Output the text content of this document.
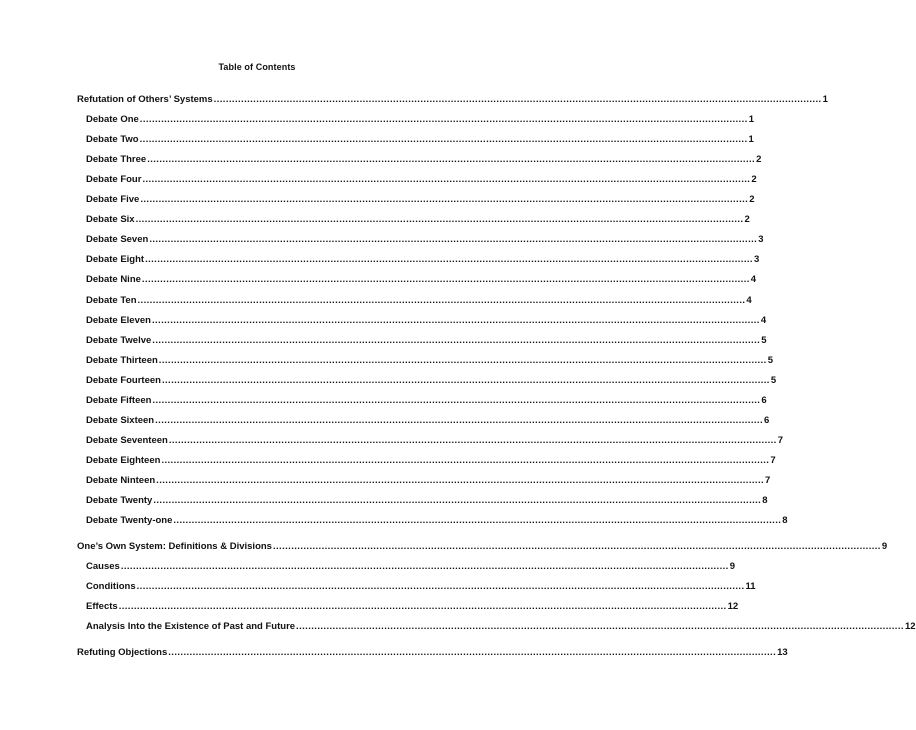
Table of Contents
Refutation of Others’ Systems ........................................................................................................................................................................................................ 1
Debate One ........................................................................................................................................................................................................ 1
Debate Two ........................................................................................................................................................................................................ 1
Debate Three ........................................................................................................................................................................................................ 2
Debate Four ........................................................................................................................................................................................................ 2
Debate Five ........................................................................................................................................................................................................ 2
Debate Six ........................................................................................................................................................................................................ 2
Debate Seven ........................................................................................................................................................................................................ 3
Debate Eight ........................................................................................................................................................................................................ 3
Debate Nine ........................................................................................................................................................................................................ 4
Debate Ten ........................................................................................................................................................................................................ 4
Debate Eleven ........................................................................................................................................................................................................ 4
Debate Twelve ........................................................................................................................................................................................................ 5
Debate Thirteen ........................................................................................................................................................................................................ 5
Debate Fourteen ........................................................................................................................................................................................................ 5
Debate Fifteen ........................................................................................................................................................................................................ 6
Debate Sixteen ........................................................................................................................................................................................................ 6
Debate Seventeen ........................................................................................................................................................................................................ 7
Debate Eighteen ........................................................................................................................................................................................................ 7
Debate Ninteen ........................................................................................................................................................................................................ 7
Debate Twenty ........................................................................................................................................................................................................ 8
Debate Twenty-one ........................................................................................................................................................................................................ 8
One’s Own System: Definitions & Divisions ........................................................................................................................................................................................................ 9
Causes ........................................................................................................................................................................................................ 9
Conditions ........................................................................................................................................................................................................ 11
Effects ........................................................................................................................................................................................................ 12
Analysis Into the Existence of Past and Future ........................................................................................................................................................................................................ 12
Refuting Objections ........................................................................................................................................................................................................ 13
